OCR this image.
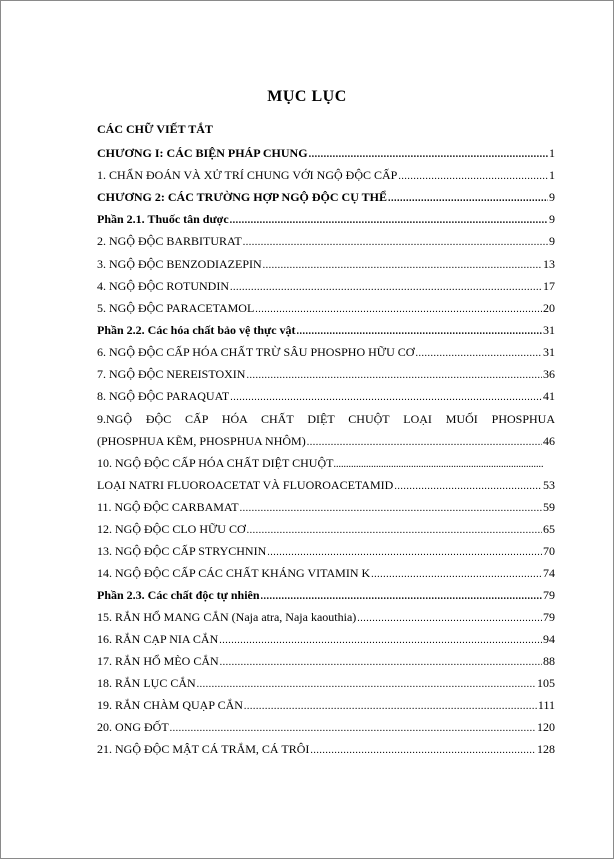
MỤC LỤC
CÁC CHỮ VIẾT TẮT
CHƯƠNG I: CÁC BIỆN PHÁP CHUNG .....	1
1. CHẨN ĐOÁN VÀ XỬ TRÍ CHUNG VỚI NGỘ ĐỘC CẤP .....	1
CHƯƠNG 2: CÁC TRƯỜNG HỢP NGỘ ĐỘC CỤ THỂ .....	9
Phần 2.1. Thuốc tân dược .....	9
2. NGỘ ĐỘC BARBITURAT .....	9
3. NGỘ ĐỘC BENZODIAZEPIN .....	13
4. NGỘ ĐỘC ROTUNDIN .....	17
5. NGỘ ĐỘC PARACETAMOL .....	20
Phần 2.2. Các hóa chất bảo vệ thực vật .....	31
6. NGỘ ĐỘC CẤP HÓA CHẤT TRỪ SÂU PHOSPHO HỮU CƠ .....	31
7. NGỘ ĐỘC NEREISTOXIN .....	36
8. NGỘ ĐỘC PARAQUAT .....	41
9.NGỘ ĐỘC CẤP HÓA CHẤT DIỆT CHUỘT LOẠI MUỐI PHOSPHUA
(PHOSPHUA KẼM, PHOSPHUA NHÔM) .....	46
10. NGỘ ĐỘC CẤP HÓA CHẤT DIỆT CHUỘT ....................................................................................
LOẠI NATRI FLUOROACETAT VÀ FLUOROACETAMID .....	53
11. NGỘ ĐỘC CARBAMAT .....	59
12. NGỘ ĐỘC CLO HỮU CƠ .....	65
13. NGỘ ĐỘC CẤP STRYCHNIN .....	70
14. NGỘ ĐỘC CẤP CÁC CHẤT KHÁNG VITAMIN K .....	74
Phần 2.3. Các chất độc tự nhiên .....	79
15. RẮN HỔ MANG CẮN (Naja atra, Naja kaouthia) .....	79
16. RẮN CẠP NIA CẮN .....	94
17. RẮN HỔ MÈO CẮN .....	88
18. RẮN LỤC CẮN .....	105
19. RẮN CHÀM QUẠP CẮN .....	111
20. ONG ĐỐT .....	120
21. NGỘ ĐỘC MẬT CÁ TRẮM, CÁ TRÔI .....	128
